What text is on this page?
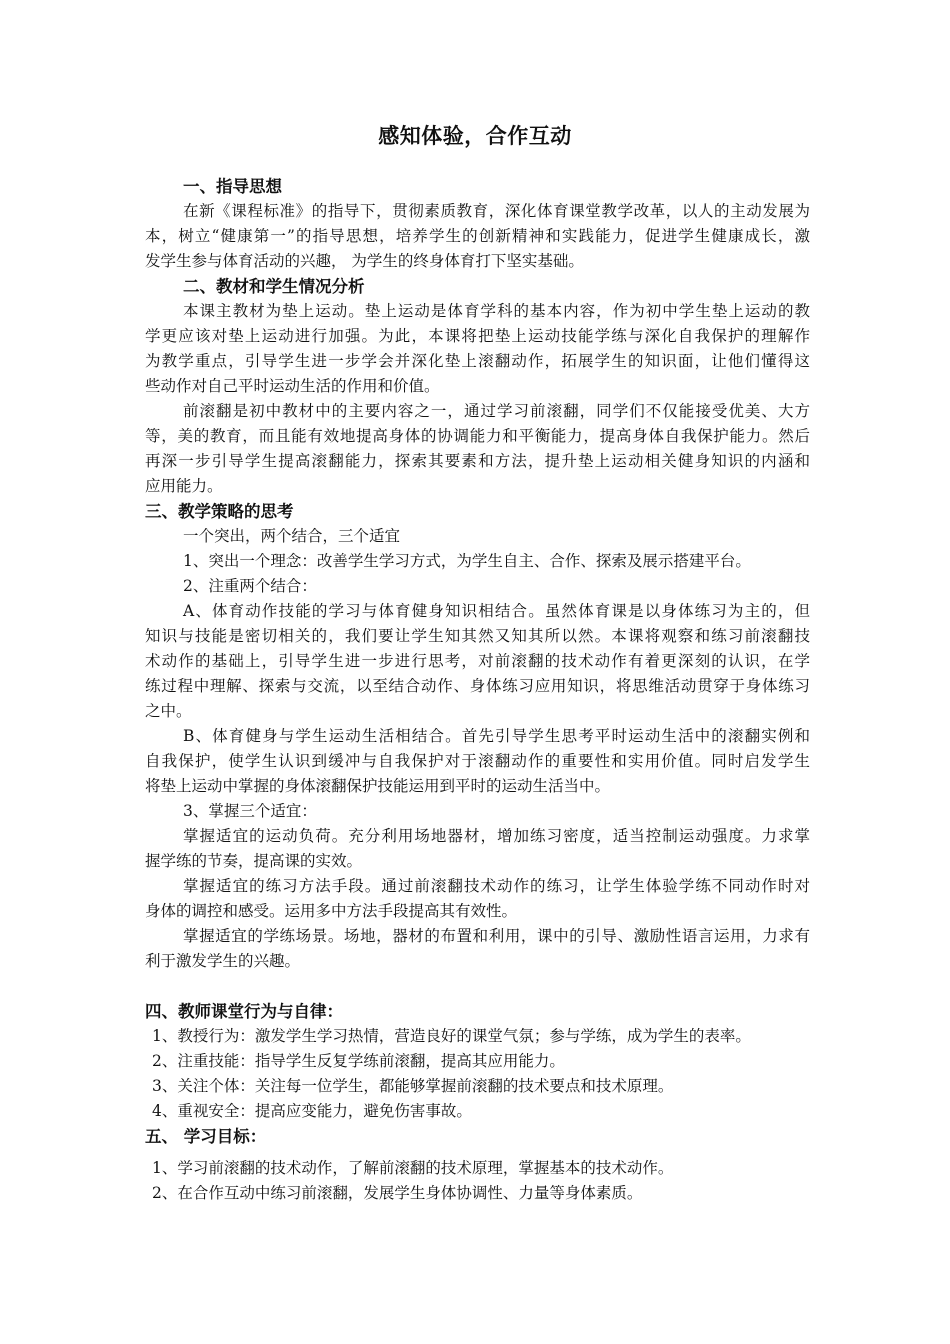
感知体验，合作互动
一、指导思想
在新《课程标准》的指导下，贯彻素质教育，深化体育课堂教学改革，以人的主动发展为
本，树立“健康第一”的指导思想，培养学生的创新精神和实践能力，促进学生健康成长，激
发学生参与体育活动的兴趣， 为学生的终身体育打下坚实基础。
二、教材和学生情况分析
本课主教材为垫上运动。垫上运动是体育学科的基本内容，作为初中学生垫上运动的教
学更应该对垫上运动进行加强。为此，本课将把垫上运动技能学练与深化自我保护的理解作
为教学重点，引导学生进一步学会并深化垫上滚翻动作，拓展学生的知识面，让他们懂得这
些动作对自己平时运动生活的作用和价值。
前滚翻是初中教材中的主要内容之一，通过学习前滚翻，同学们不仅能接受优美、大方
等，美的教育，而且能有效地提高身体的协调能力和平衡能力，提高身体自我保护能力。然后
再深一步引导学生提高滚翻能力，探索其要素和方法，提升垫上运动相关健身知识的内涵和
应用能力。
三、教学策略的思考
一个突出，两个结合，三个适宜
1、突出一个理念：改善学生学习方式，为学生自主、合作、探索及展示搭建平台。
2、注重两个结合：
A、体育动作技能的学习与体育健身知识相结合。虽然体育课是以身体练习为主的，但
知识与技能是密切相关的，我们要让学生知其然又知其所以然。本课将观察和练习前滚翻技
术动作的基础上，引导学生进一步进行思考，对前滚翻的技术动作有着更深刻的认识，在学
练过程中理解、探索与交流，以至结合动作、身体练习应用知识，将思维活动贯穿于身体练习
之中。
B、体育健身与学生运动生活相结合。首先引导学生思考平时运动生活中的滚翻实例和
自我保护，使学生认识到缓冲与自我保护对于滚翻动作的重要性和实用价值。同时启发学生
将垫上运动中掌握的身体滚翻保护技能运用到平时的运动生活当中。
3、掌握三个适宜：
掌握适宜的运动负荷。充分利用场地器材，增加练习密度，适当控制运动强度。力求掌
握学练的节奏，提高课的实效。
掌握适宜的练习方法手段。通过前滚翻技术动作的练习，让学生体验学练不同动作时对
身体的调控和感受。运用多中方法手段提高其有效性。
掌握适宜的学练场景。场地，器材的布置和利用，课中的引导、激励性语言运用，力求有
利于激发学生的兴趣。
四、教师课堂行为与自律：
1、教授行为：激发学生学习热情，营造良好的课堂气氛；参与学练，成为学生的表率。
2、注重技能：指导学生反复学练前滚翻，提高其应用能力。
3、关注个体：关注每一位学生，都能够掌握前滚翻的技术要点和技术原理。
4、重视安全：提高应变能力，避免伤害事故。
五、 学习目标：
1、学习前滚翻的技术动作，了解前滚翻的技术原理，掌握基本的技术动作。
2、在合作互动中练习前滚翻，发展学生身体协调性、力量等身体素质。
